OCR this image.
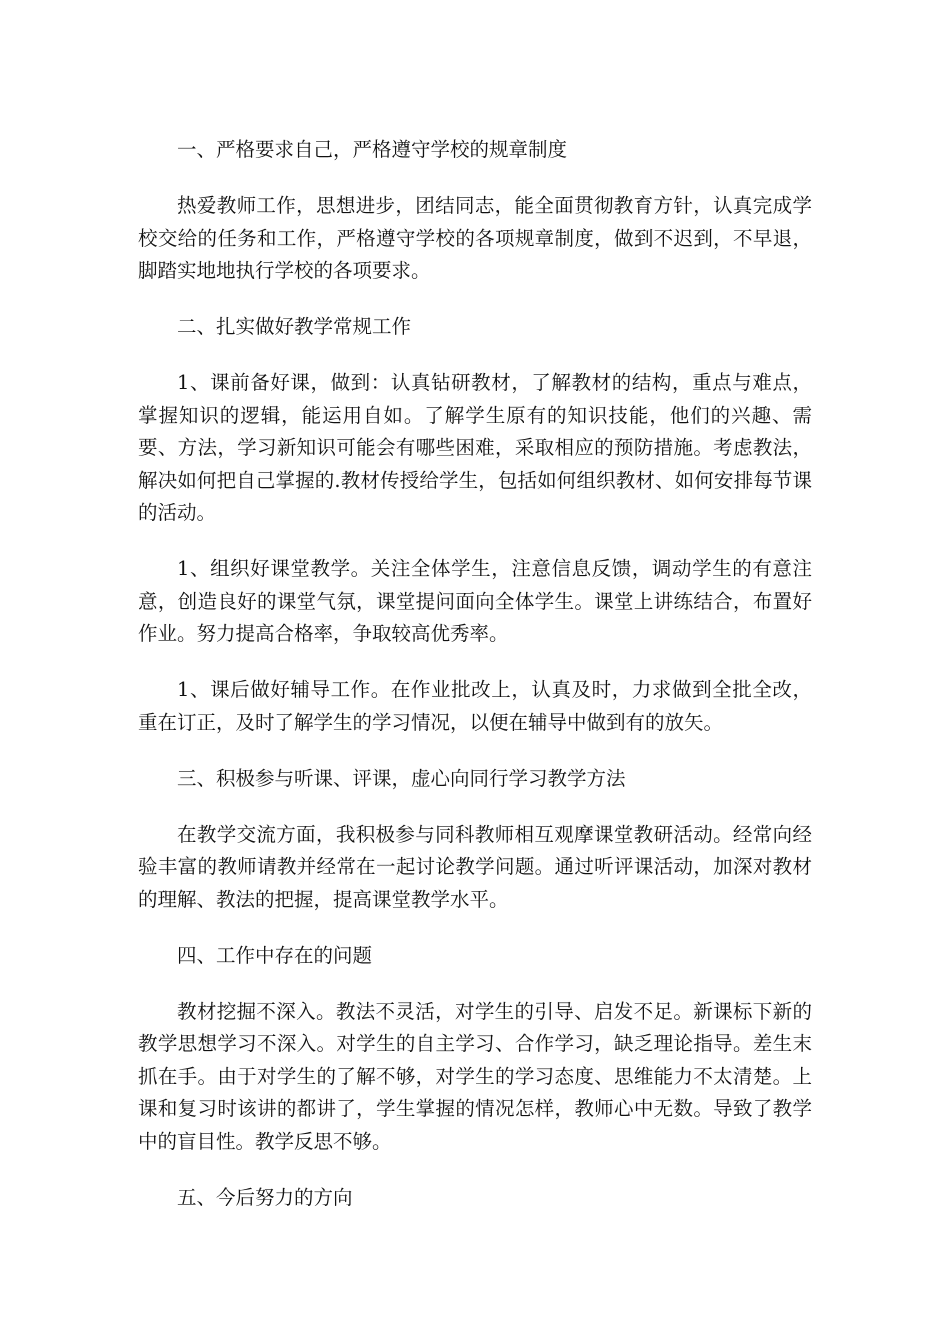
一、严格要求自己，严格遵守学校的规章制度

热爱教师工作，思想进步，团结同志，能全面贯彻教育方针，认真完成学校交给的任务和工作，严格遵守学校的各项规章制度，做到不迟到，不早退，脚踏实地地执行学校的各项要求。

二、扎实做好教学常规工作

1、课前备好课，做到：认真钻研教材，了解教材的结构，重点与难点，掌握知识的逻辑，能运用自如。了解学生原有的知识技能，他们的兴趣、需要、方法，学习新知识可能会有哪些困难，采取相应的预防措施。考虑教法，解决如何把自己掌握的.教材传授给学生，包括如何组织教材、如何安排每节课的活动。

1、组织好课堂教学。关注全体学生，注意信息反馈，调动学生的有意注意，创造良好的课堂气氛，课堂提问面向全体学生。课堂上讲练结合，布置好作业。努力提高合格率，争取较高优秀率。

1、课后做好辅导工作。在作业批改上，认真及时，力求做到全批全改，重在订正，及时了解学生的学习情况，以便在辅导中做到有的放矢。

三、积极参与听课、评课，虚心向同行学习教学方法

在教学交流方面，我积极参与同科教师相互观摩课堂教研活动。经常向经验丰富的教师请教并经常在一起讨论教学问题。通过听评课活动，加深对教材的理解、教法的把握，提高课堂教学水平。

四、工作中存在的问题

教材挖掘不深入。教法不灵活，对学生的引导、启发不足。新课标下新的教学思想学习不深入。对学生的自主学习、合作学习，缺乏理论指导。差生末抓在手。由于对学生的了解不够，对学生的学习态度、思维能力不太清楚。上课和复习时该讲的都讲了，学生掌握的情况怎样，教师心中无数。导致了教学中的盲目性。教学反思不够。

五、今后努力的方向
